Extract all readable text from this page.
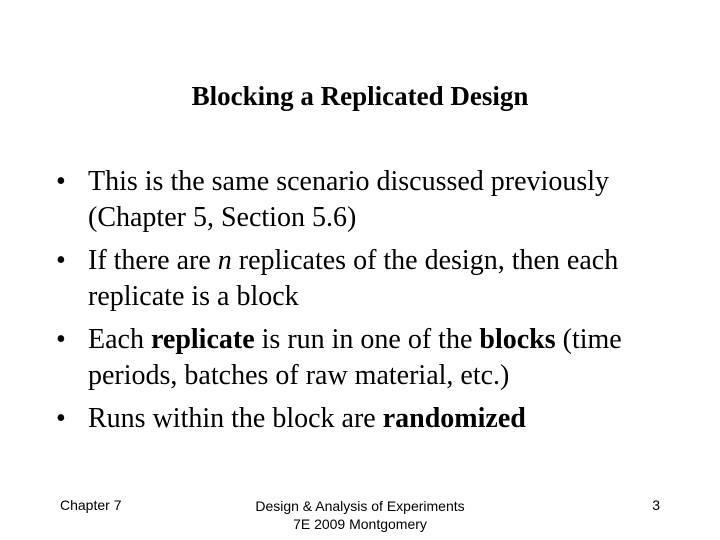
Blocking a Replicated Design
• This is the same scenario discussed previously (Chapter 5, Section 5.6)
• If there are n replicates of the design, then each replicate is a block
• Each replicate is run in one of the blocks (time periods, batches of raw material, etc.)
• Runs within the block are randomized
Chapter 7	Design & Analysis of Experiments
7E 2009 Montgomery
3
